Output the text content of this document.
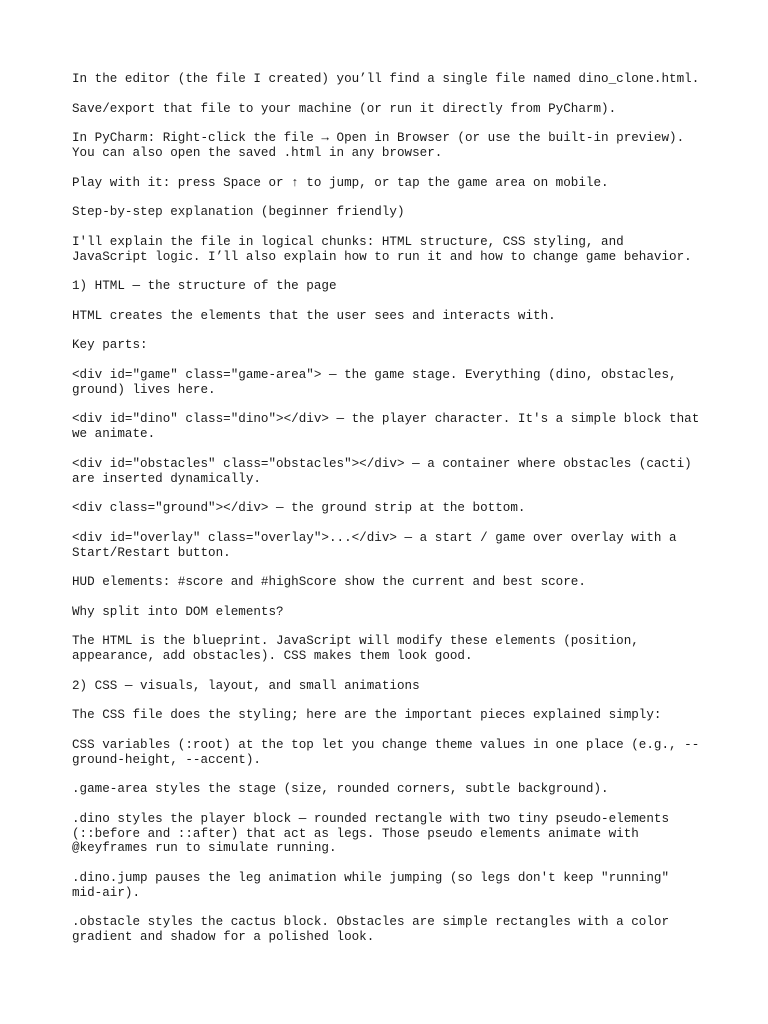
In the editor (the file I created) you’ll find a single file named dino_clone.html.

Save/export that file to your machine (or run it directly from PyCharm).

In PyCharm: Right-click the file → Open in Browser (or use the built-in preview).
You can also open the saved .html in any browser.

Play with it: press Space or ↑ to jump, or tap the game area on mobile.

Step-by-step explanation (beginner friendly)

I'll explain the file in logical chunks: HTML structure, CSS styling, and
JavaScript logic. I’ll also explain how to run it and how to change game behavior.

1) HTML — the structure of the page

HTML creates the elements that the user sees and interacts with.

Key parts:

<div id="game" class="game-area"> — the game stage. Everything (dino, obstacles,
ground) lives here.

<div id="dino" class="dino"></div> — the player character. It's a simple block that
we animate.

<div id="obstacles" class="obstacles"></div> — a container where obstacles (cacti)
are inserted dynamically.

<div class="ground"></div> — the ground strip at the bottom.

<div id="overlay" class="overlay">...</div> — a start / game over overlay with a
Start/Restart button.

HUD elements: #score and #highScore show the current and best score.

Why split into DOM elements?

The HTML is the blueprint. JavaScript will modify these elements (position,
appearance, add obstacles). CSS makes them look good.

2) CSS — visuals, layout, and small animations

The CSS file does the styling; here are the important pieces explained simply:

CSS variables (:root) at the top let you change theme values in one place (e.g., --
ground-height, --accent).

.game-area styles the stage (size, rounded corners, subtle background).

.dino styles the player block — rounded rectangle with two tiny pseudo-elements
(::before and ::after) that act as legs. Those pseudo elements animate with
@keyframes run to simulate running.

.dino.jump pauses the leg animation while jumping (so legs don't keep "running"
mid-air).

.obstacle styles the cactus block. Obstacles are simple rectangles with a color
gradient and shadow for a polished look.
